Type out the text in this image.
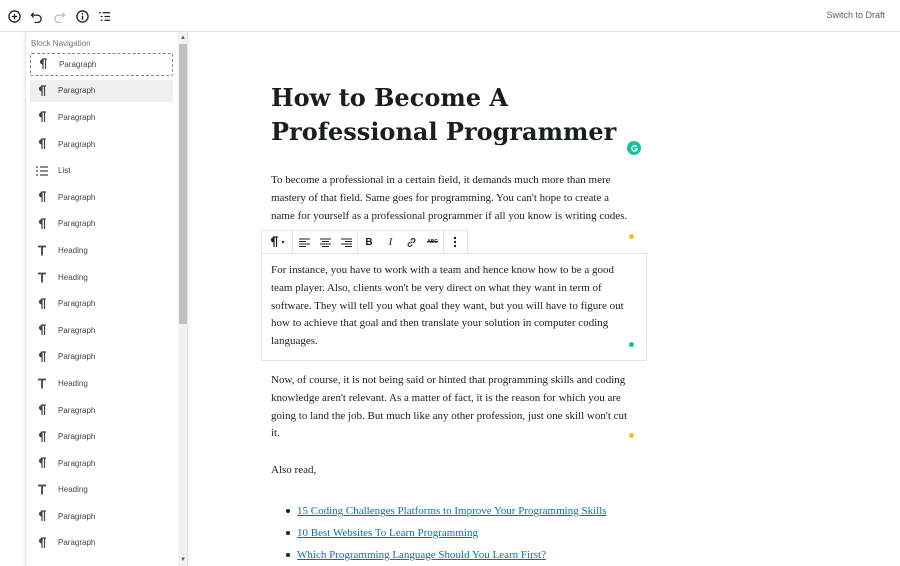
Switch to Draft
Block Navigation
Paragraph
Paragraph
Paragraph
Paragraph
List
Paragraph
Paragraph
Heading
Heading
Paragraph
Paragraph
Paragraph
Heading
Paragraph
Paragraph
Paragraph
Heading
Paragraph
Paragraph
▲
▼
How to Become A Professional Programmer

To become a professional in a certain field, it demands much more than mere mastery of that field. Same goes for programming. You can't hope to create a name for yourself as a professional programmer if all you know is writing codes.

For instance, you have to work with a team and hence know how to be a good team player. Also, clients won't be very direct on what they want in term of software. They will tell you what goal they want, but you will have to figure out how to achieve that goal and then translate your solution in computer coding languages.

▾	B	I	ABC

Now, of course, it is not being said or hinted that programming skills and coding knowledge aren't relevant. As a matter of fact, it is the reason for which you are going to land the job. But much like any other profession, just one skill won't cut it.

Also read,

15 Coding Challenges Platforms to Improve Your Programming Skills
10 Best Websites To Learn Programming
Which Programming Language Should You Learn First?
